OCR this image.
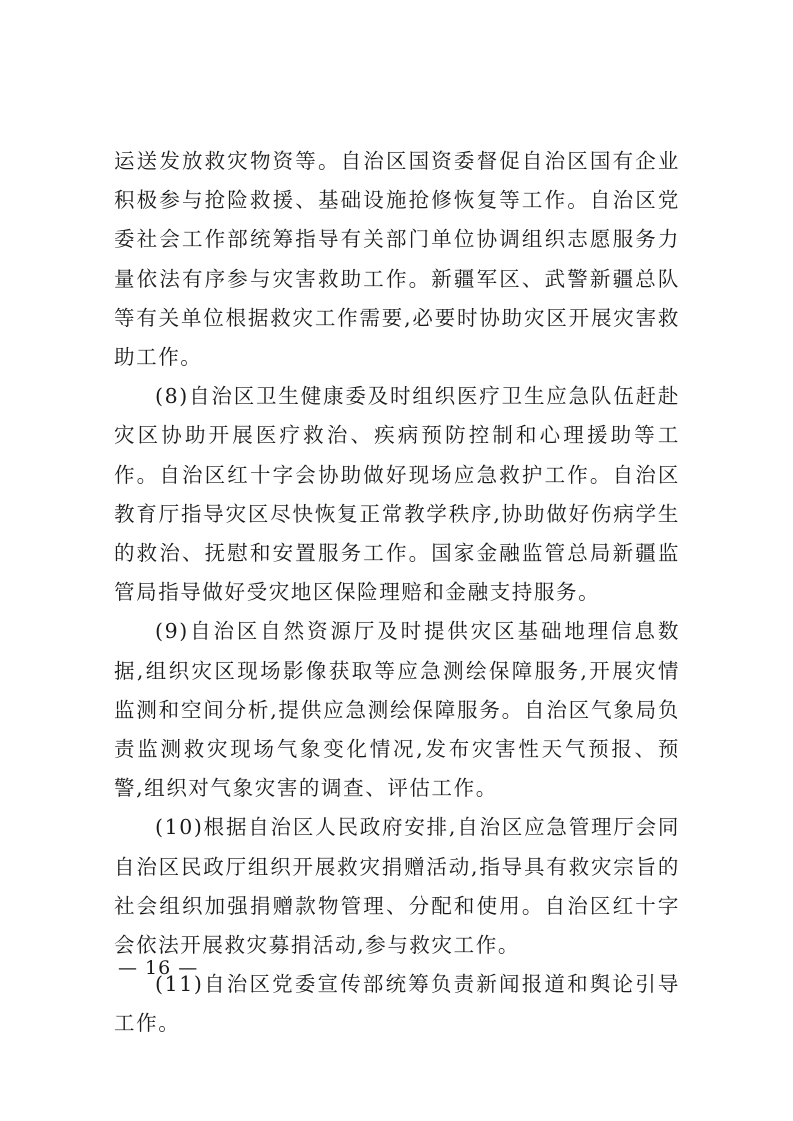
运送发放救灾物资等。自治区国资委督促自治区国有企业积极参与抢险救援、基础设施抢修恢复等工作。自治区党委社会工作部统筹指导有关部门单位协调组织志愿服务力量依法有序参与灾害救助工作。新疆军区、武警新疆总队等有关单位根据救灾工作需要,必要时协助灾区开展灾害救助工作。

(8)自治区卫生健康委及时组织医疗卫生应急队伍赶赴灾区协助开展医疗救治、疾病预防控制和心理援助等工作。自治区红十字会协助做好现场应急救护工作。自治区教育厅指导灾区尽快恢复正常教学秩序,协助做好伤病学生的救治、抚慰和安置服务工作。国家金融监管总局新疆监管局指导做好受灾地区保险理赔和金融支持服务。

(9)自治区自然资源厅及时提供灾区基础地理信息数据,组织灾区现场影像获取等应急测绘保障服务,开展灾情监测和空间分析,提供应急测绘保障服务。自治区气象局负责监测救灾现场气象变化情况,发布灾害性天气预报、预警,组织对气象灾害的调查、评估工作。

(10)根据自治区人民政府安排,自治区应急管理厅会同自治区民政厅组织开展救灾捐赠活动,指导具有救灾宗旨的社会组织加强捐赠款物管理、分配和使用。自治区红十字会依法开展救灾募捐活动,参与救灾工作。

(11)自治区党委宣传部统筹负责新闻报道和舆论引导工作。

— 16 —
